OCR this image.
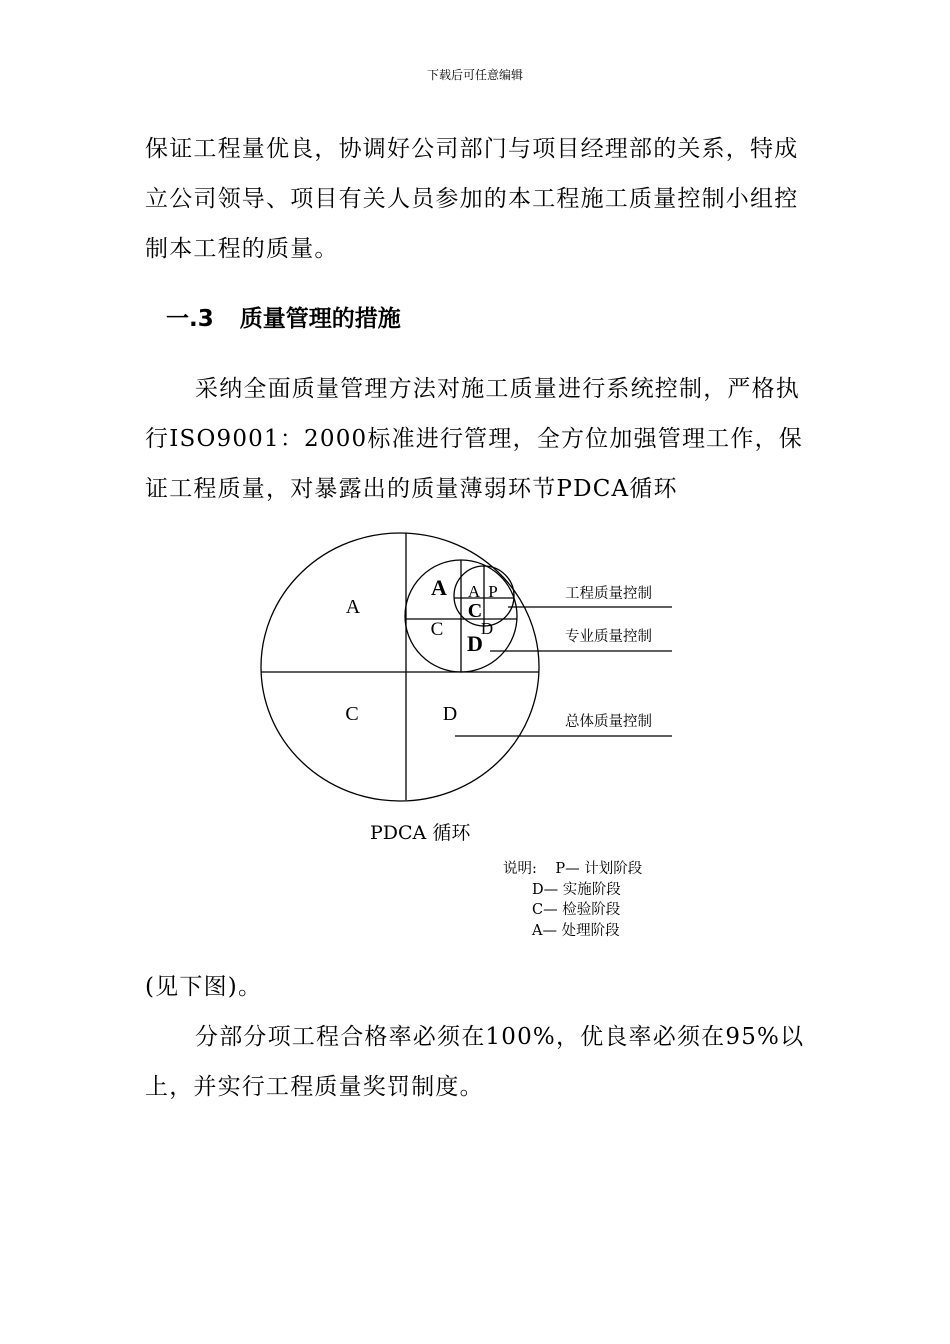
下载后可任意编辑

保证工程量优良，协调好公司部门与项目经理部的关系，特成立公司领导、项目有关人员参加的本工程施工质量控制小组控制本工程的质量。

一.3 质量管理的措施

采纳全面质量管理方法对施工质量进行系统控制，严格执行ISO9001：2000标准进行管理，全方位加强管理工作，保证工程质量，对暴露出的质量薄弱环节PDCA循环

A
C	D
A
C
D
A P
C
D
工程质量控制
专业质量控制
总体质量控制
PDCA 循环
说明: P— 计划阶段
D— 实施阶段
C— 检验阶段
A— 处理阶段

(见下图)。

分部分项工程合格率必须在100%，优良率必须在95%以上，并实行工程质量奖罚制度。
